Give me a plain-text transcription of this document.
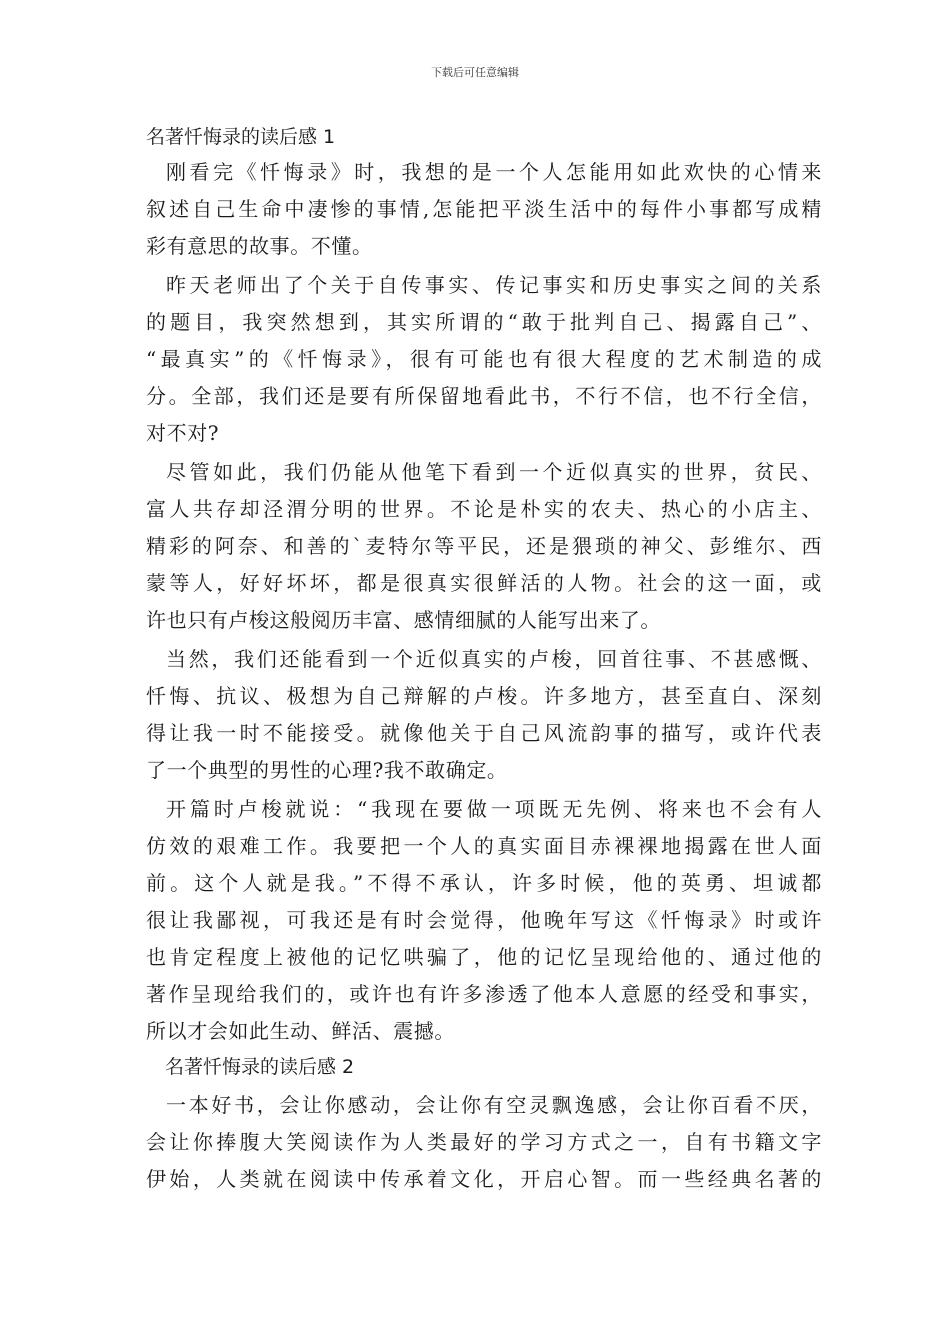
下载后可任意编辑
名著忏悔录的读后感 1
刚看完《忏悔录》时，我想的是一个人怎能用如此欢快的心情来
叙述自己生命中凄惨的事情,怎能把平淡生活中的每件小事都写成精
彩有意思的故事。不懂。
昨天老师出了个关于自传事实、传记事实和历史事实之间的关系
的题目，我突然想到，其实所谓的“敢于批判自己、揭露自己”、
“最真实”的《忏悔录》，很有可能也有很大程度的艺术制造的成
分。全部，我们还是要有所保留地看此书，不行不信，也不行全信，
对不对?
尽管如此，我们仍能从他笔下看到一个近似真实的世界，贫民、
富人共存却泾渭分明的世界。不论是朴实的农夫、热心的小店主、
精彩的阿奈、和善的`麦特尔等平民，还是猥琐的神父、彭维尔、西
蒙等人，好好坏坏，都是很真实很鲜活的人物。社会的这一面，或
许也只有卢梭这般阅历丰富、感情细腻的人能写出来了。
当然，我们还能看到一个近似真实的卢梭，回首往事、不甚感慨、
忏悔、抗议、极想为自己辩解的卢梭。许多地方，甚至直白、深刻
得让我一时不能接受。就像他关于自己风流韵事的描写，或许代表
了一个典型的男性的心理?我不敢确定。
开篇时卢梭就说：“我现在要做一项既无先例、将来也不会有人
仿效的艰难工作。我要把一个人的真实面目赤裸裸地揭露在世人面
前。这个人就是我。”不得不承认，许多时候，他的英勇、坦诚都
很让我鄙视，可我还是有时会觉得，他晚年写这《忏悔录》时或许
也肯定程度上被他的记忆哄骗了，他的记忆呈现给他的、通过他的
著作呈现给我们的，或许也有许多渗透了他本人意愿的经受和事实，
所以才会如此生动、鲜活、震撼。
名著忏悔录的读后感 2
一本好书，会让你感动，会让你有空灵飘逸感，会让你百看不厌，
会让你捧腹大笑阅读作为人类最好的学习方式之一，自有书籍文字
伊始，人类就在阅读中传承着文化，开启心智。而一些经典名著的
